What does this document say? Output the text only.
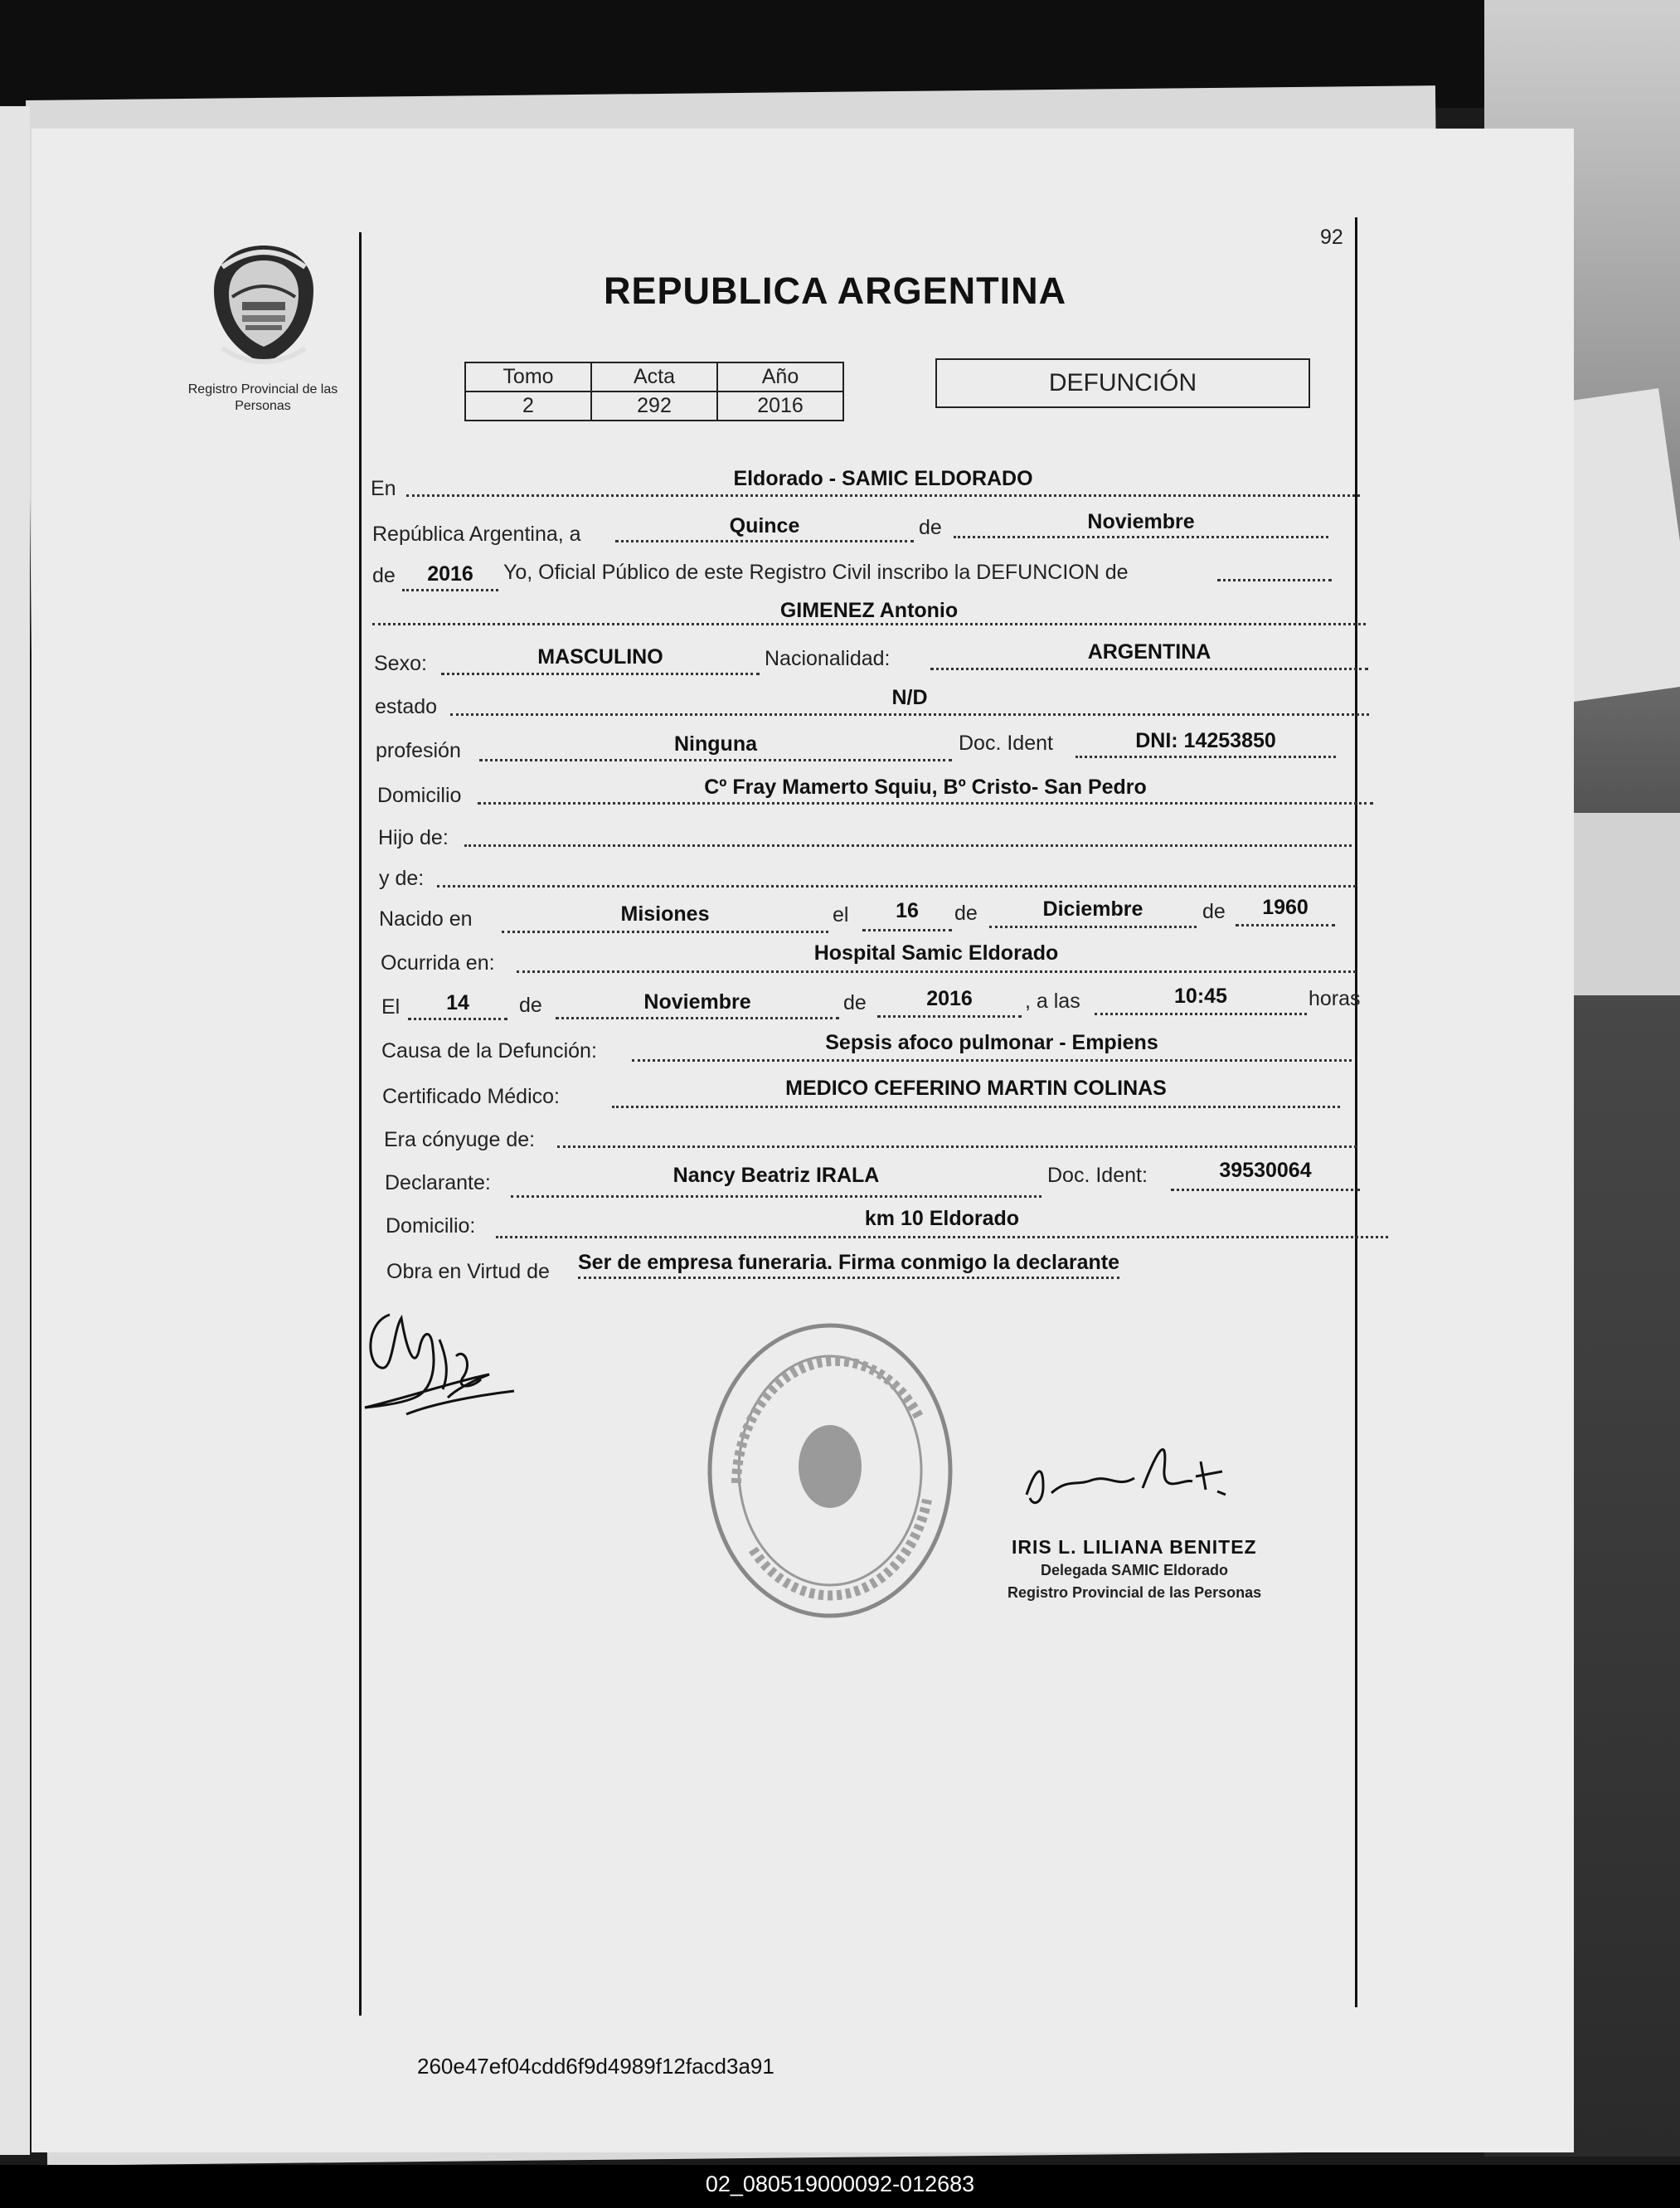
92
Registro Provincial de las Personas
REPUBLICA ARGENTINA
Tomo	Acta	Año
2	292	2016
DEFUNCIÓN
En	Eldorado - SAMIC ELDORADO
República Argentina, a	Quince	de	Noviembre
de	2016	Yo, Oficial Público de este Registro Civil inscribo la DEFUNCION de
GIMENEZ Antonio
Sexo:	MASCULINO	Nacionalidad:	ARGENTINA
estado	N/D
profesión	Ninguna	Doc. Ident	DNI: 14253850
Domicilio	Cº Fray Mamerto Squiu, Bº Cristo- San Pedro
Hijo de:
y de:
Nacido en	Misiones	el	16	de	Diciembre	de	1960
Ocurrida en:	Hospital Samic Eldorado
El	14	de	Noviembre	de	2016	, a las	10:45	horas
Causa de la Defunción:	Sepsis afoco pulmonar - Empiens
Certificado Médico:	MEDICO CEFERINO MARTIN COLINAS
Era cónyuge de:
Declarante:	Nancy Beatriz IRALA	Doc. Ident:	39530064
Domicilio:	km 10 Eldorado
Obra en Virtud de Ser de empresa funeraria. Firma conmigo la declarante
IRIS L. LILIANA BENITEZ
Delegada SAMIC Eldorado
Registro Provincial de las Personas
260e47ef04cdd6f9d4989f12facd3a91
02_080519000092-012683
